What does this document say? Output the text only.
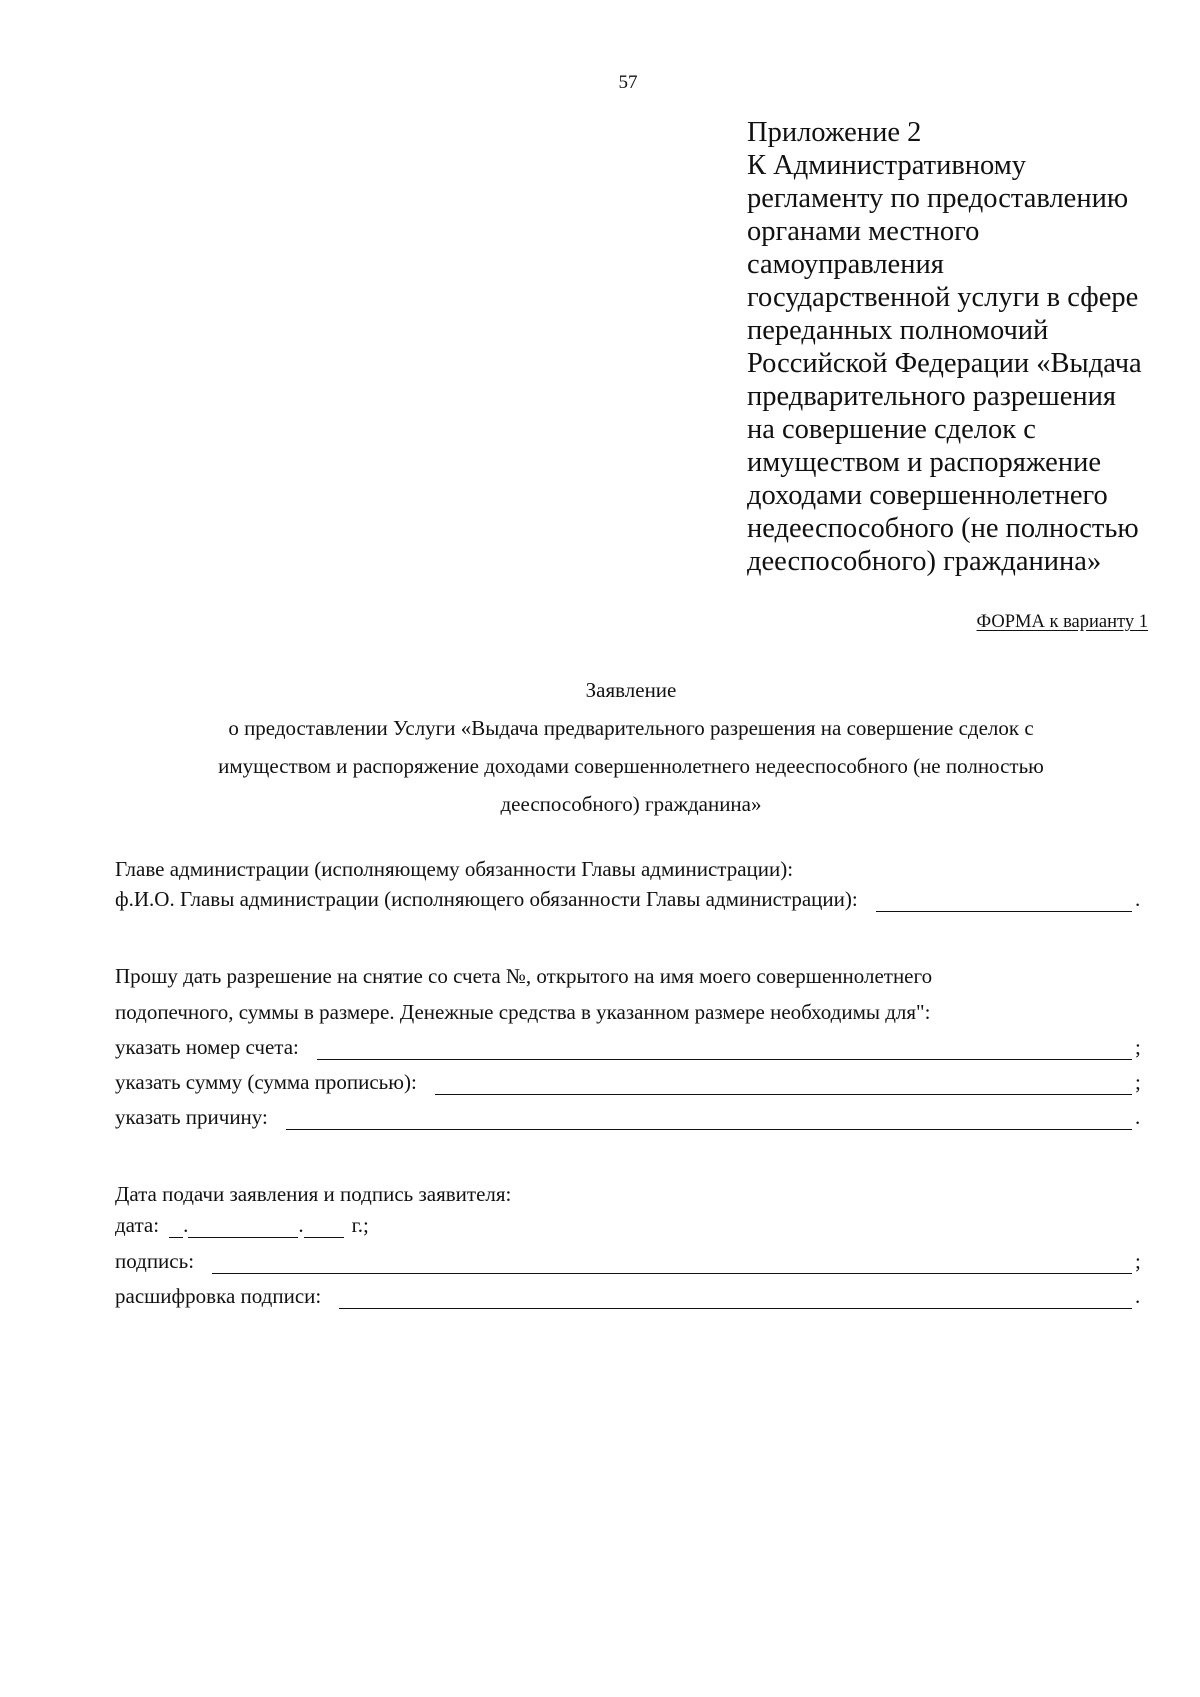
57
Приложение 2
К Административному
регламенту по предоставлению
органами местного
самоуправления
государственной услуги в сфере
переданных полномочий
Российской Федерации «Выдача
предварительного разрешения
на совершение сделок с
имуществом и распоряжение
доходами совершеннолетнего
недееспособного (не полностью
дееспособного) гражданина»
ФОРМА к варианту 1
Заявление
о предоставлении Услуги «Выдача предварительного разрешения на совершение сделок с
имуществом и распоряжение доходами совершеннолетнего недееспособного (не полностью
дееспособного) гражданина»
Главе администрации (исполняющему обязанности Главы администрации):
ф.И.О. Главы администрации (исполняющего обязанности Главы администрации):	.
Прошу дать разрешение на снятие со счета №, открытого на имя моего совершеннолетнего
подопечного, суммы в размере. Денежные средства в указанном размере необходимы для":
указать номер счета:	;
указать сумму (сумма прописью):	;
указать причину:	.
Дата подачи заявления и подпись заявителя:
дата: .	. г.;
подпись:	;
расшифровка подписи:	.
